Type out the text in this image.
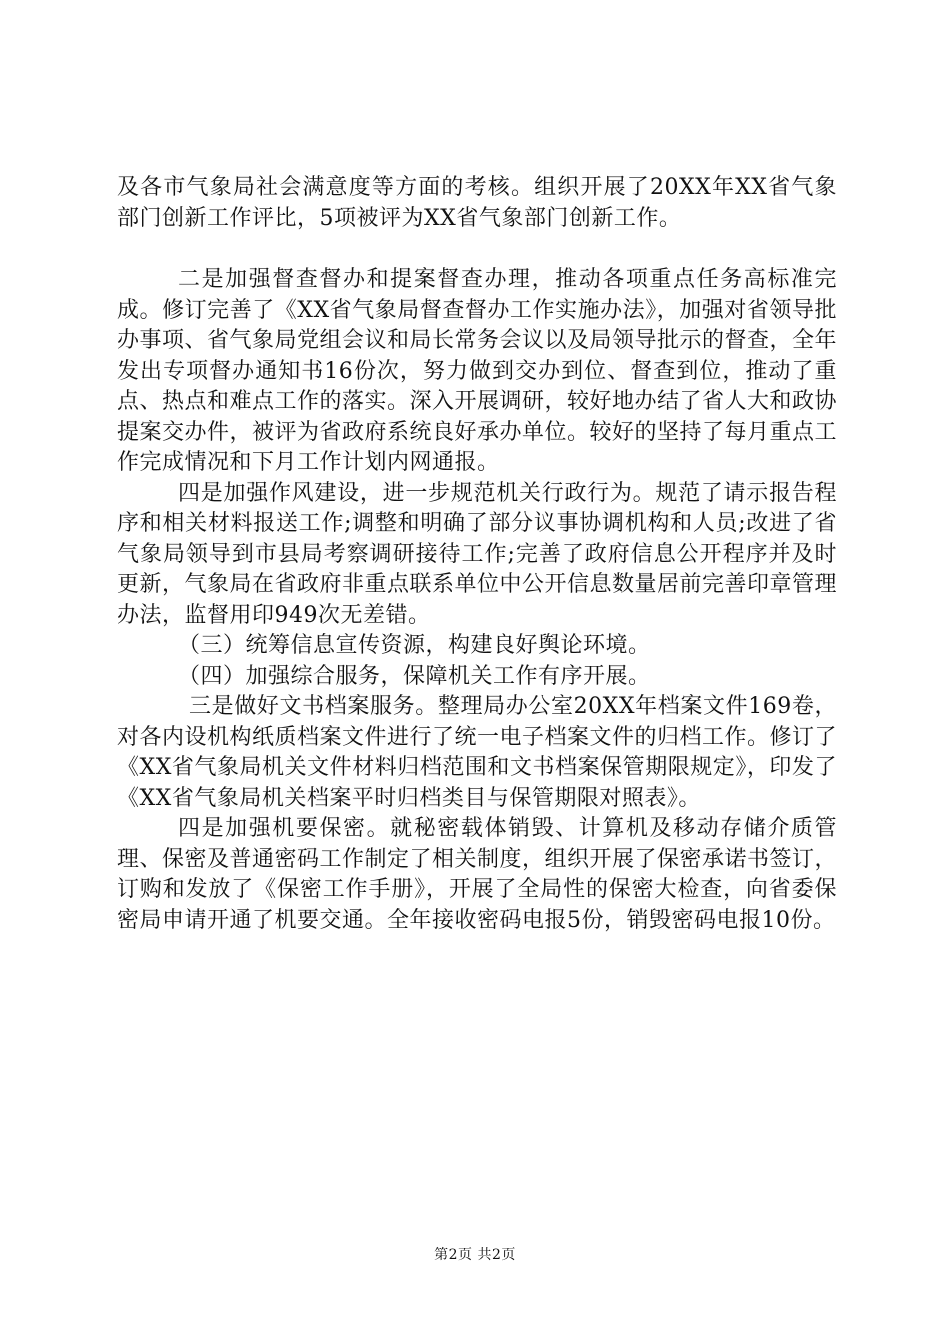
及各市气象局社会满意度等方面的考核。组织开展了20XX年XX省气象部门创新工作评比，5项被评为XX省气象部门创新工作。

二是加强督查督办和提案督查办理，推动各项重点任务高标准完成。修订完善了《XX省气象局督查督办工作实施办法》，加强对省领导批办事项、省气象局党组会议和局长常务会议以及局领导批示的督查，全年发出专项督办通知书16份次，努力做到交办到位、督查到位，推动了重点、热点和难点工作的落实。深入开展调研，较好地办结了省人大和政协提案交办件，被评为省政府系统良好承办单位。较好的坚持了每月重点工作完成情况和下月工作计划内网通报。

四是加强作风建设，进一步规范机关行政行为。规范了请示报告程序和相关材料报送工作;调整和明确了部分议事协调机构和人员;改进了省气象局领导到市县局考察调研接待工作;完善了政府信息公开程序并及时更新，气象局在省政府非重点联系单位中公开信息数量居前完善印章管理办法，监督用印949次无差错。

（三）统筹信息宣传资源，构建良好舆论环境。

（四）加强综合服务，保障机关工作有序开展。

三是做好文书档案服务。整理局办公室20XX年档案文件169卷，对各内设机构纸质档案文件进行了统一电子档案文件的归档工作。修订了《XX省气象局机关文件材料归档范围和文书档案保管期限规定》，印发了《XX省气象局机关档案平时归档类目与保管期限对照表》。

四是加强机要保密。就秘密载体销毁、计算机及移动存储介质管理、保密及普通密码工作制定了相关制度，组织开展了保密承诺书签订，订购和发放了《保密工作手册》，开展了全局性的保密大检查，向省委保密局申请开通了机要交通。全年接收密码电报5份，销毁密码电报10份。

第2页 共2页
